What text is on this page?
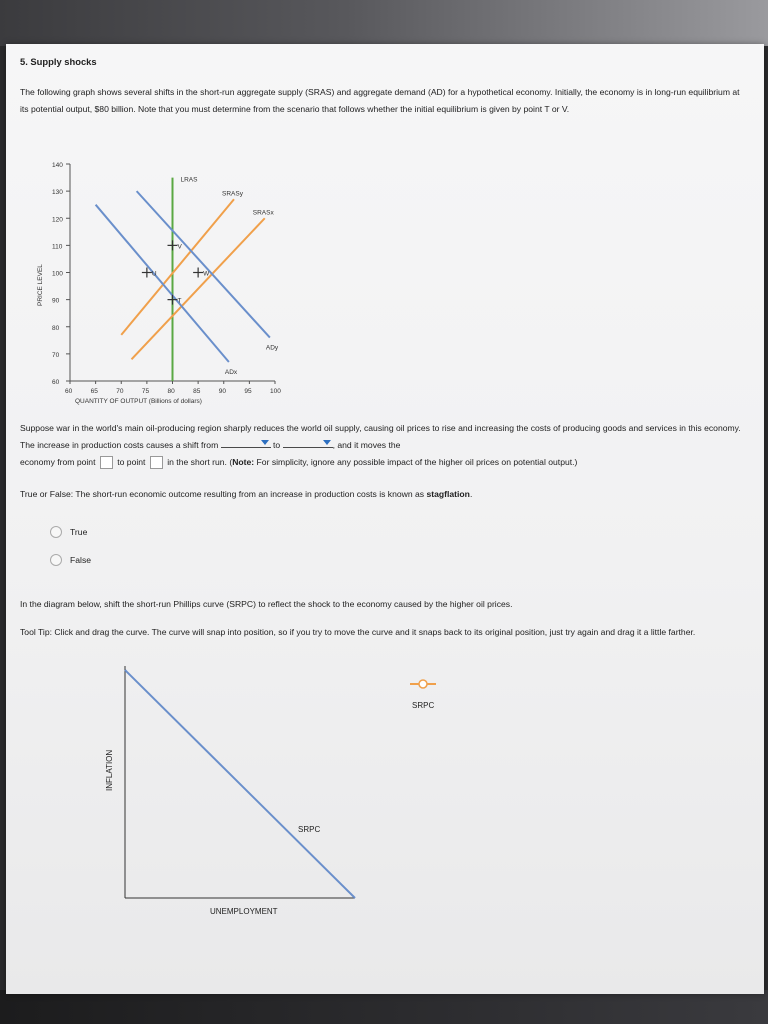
5. Supply shocks

The following graph shows several shifts in the short-run aggregate supply (SRAS) and aggregate demand (AD) for a hypothetical economy. Initially, the economy is in long-run equilibrium at its potential output, $80 billion. Note that you must determine from the scenario that follows whether the initial equilibrium is given by point T or V.

60
70
80
90
100
110
120
130
140
60	65	70	75	80	85	90	95	100
QUANTITY OF OUTPUT (Billions of dollars)
PRICE LEVEL
LRAS
SRASy
SRASx
ADy
ADx
V
U	W
T

Suppose war in the world's main oil-producing region sharply reduces the world oil supply, causing oil prices to rise and increasing the costs of producing goods and services in this economy. The increase in production costs causes a shift from	to	, and it moves the
economy from point	to point	in the short run. (Note: For simplicity, ignore any possible impact of the higher oil prices on potential output.)

True or False: The short-run economic outcome resulting from an increase in production costs is known as stagflation.

True
False

In the diagram below, shift the short-run Phillips curve (SRPC) to reflect the shock to the economy caused by the higher oil prices.

Tool Tip: Click and drag the curve. The curve will snap into position, so if you try to move the curve and it snaps back to its original position, just try again and drag it a little farther.

SRPC
UNEMPLOYMENT
INFLATION
SRPC
